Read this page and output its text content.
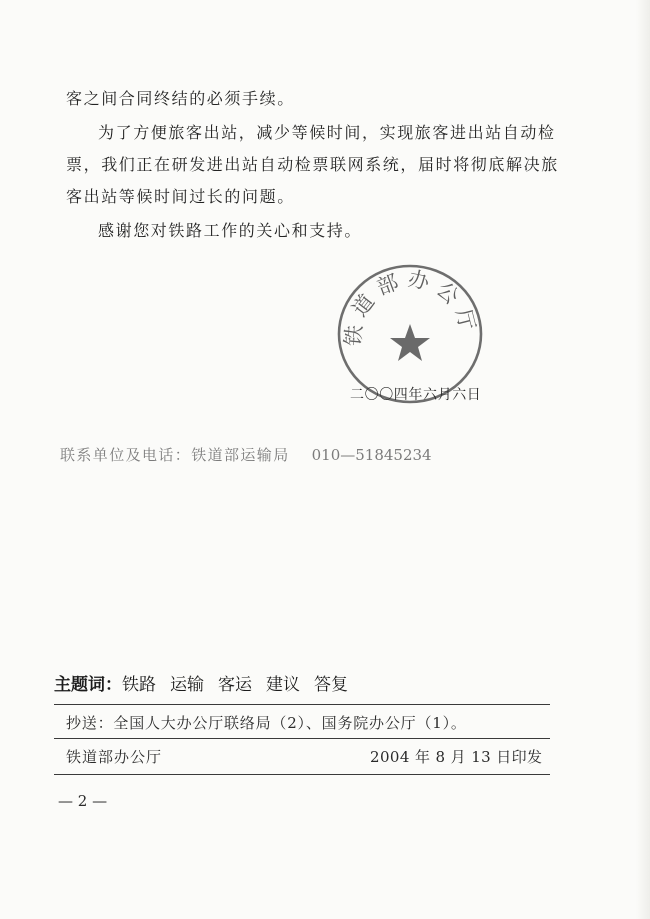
客之间合同终结的必须手续。
为了方便旅客出站，减少等候时间，实现旅客进出站自动检
票，我们正在研发进出站自动检票联网系统，届时将彻底解决旅
客出站等候时间过长的问题。
感谢您对铁路工作的关心和支持。
铁道部办公厅
二〇〇四年六月六日
联系单位及电话：铁道部运输局 010—51845234
主题词：铁路 运输 客运 建议 答复
抄送：全国人大办公厅联络局（2）、国务院办公厅（1）。
铁道部办公厅	2004 年 8 月 13 日印发
— 2 —
